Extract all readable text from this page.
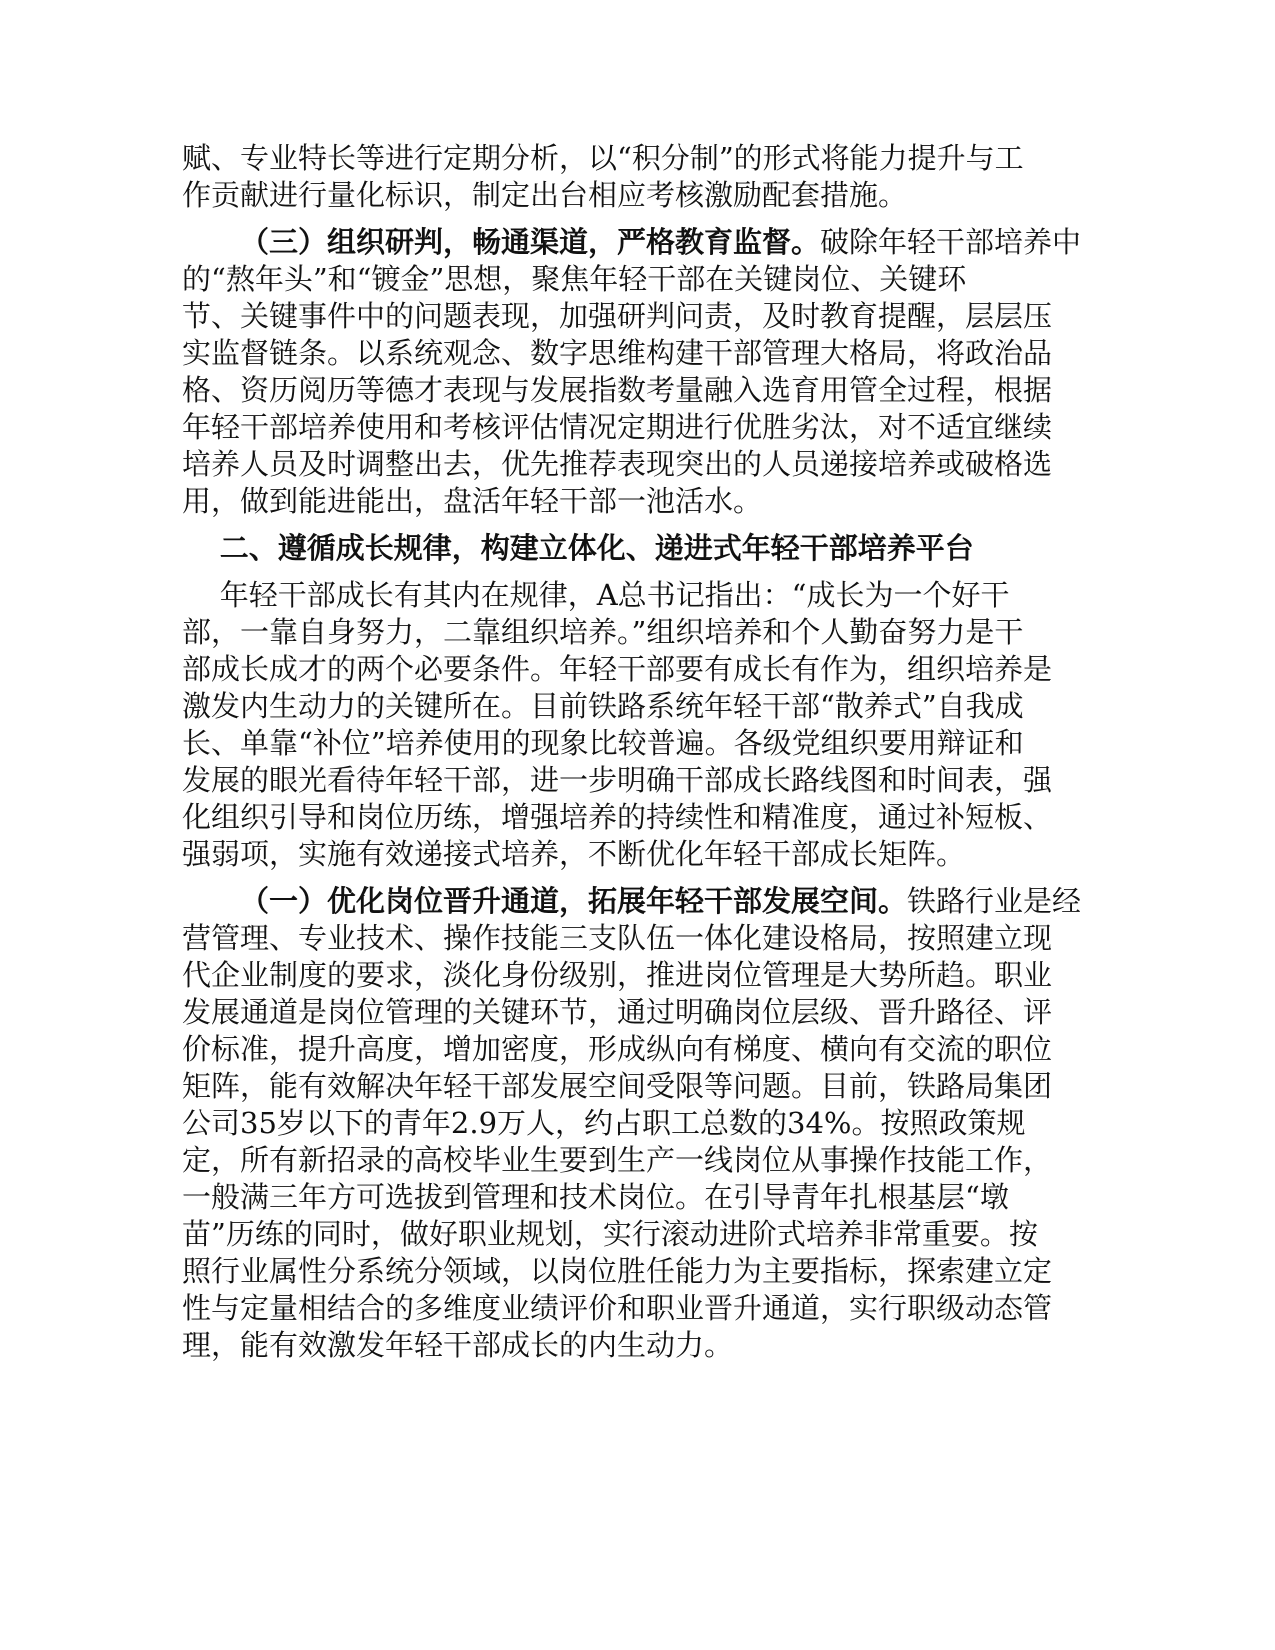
赋、专业特长等进行定期分析，以“积分制”的形式将能力提升与工
作贡献进行量化标识，制定出台相应考核激励配套措施。
（三）组织研判，畅通渠道，严格教育监督。破除年轻干部培养中
的“熬年头”和“镀金”思想，聚焦年轻干部在关键岗位、关键环
节、关键事件中的问题表现，加强研判问责，及时教育提醒，层层压
实监督链条。以系统观念、数字思维构建干部管理大格局，将政治品
格、资历阅历等德才表现与发展指数考量融入选育用管全过程，根据
年轻干部培养使用和考核评估情况定期进行优胜劣汰，对不适宜继续
培养人员及时调整出去，优先推荐表现突出的人员递接培养或破格选
用，做到能进能出，盘活年轻干部一池活水。
二、遵循成长规律，构建立体化、递进式年轻干部培养平台
年轻干部成长有其内在规律，A总书记指出：“成长为一个好干
部，一靠自身努力，二靠组织培养。”组织培养和个人勤奋努力是干
部成长成才的两个必要条件。年轻干部要有成长有作为，组织培养是
激发内生动力的关键所在。目前铁路系统年轻干部“散养式”自我成
长、单靠“补位”培养使用的现象比较普遍。各级党组织要用辩证和
发展的眼光看待年轻干部，进一步明确干部成长路线图和时间表，强
化组织引导和岗位历练，增强培养的持续性和精准度，通过补短板、
强弱项，实施有效递接式培养，不断优化年轻干部成长矩阵。
（一）优化岗位晋升通道，拓展年轻干部发展空间。铁路行业是经
营管理、专业技术、操作技能三支队伍一体化建设格局，按照建立现
代企业制度的要求，淡化身份级别，推进岗位管理是大势所趋。职业
发展通道是岗位管理的关键环节，通过明确岗位层级、晋升路径、评
价标准，提升高度，增加密度，形成纵向有梯度、横向有交流的职位
矩阵，能有效解决年轻干部发展空间受限等问题。目前，铁路局集团
公司35岁以下的青年2.9万人，约占职工总数的34%。按照政策规
定，所有新招录的高校毕业生要到生产一线岗位从事操作技能工作，
一般满三年方可选拔到管理和技术岗位。在引导青年扎根基层“墩
苗”历练的同时，做好职业规划，实行滚动进阶式培养非常重要。按
照行业属性分系统分领域，以岗位胜任能力为主要指标，探索建立定
性与定量相结合的多维度业绩评价和职业晋升通道，实行职级动态管
理，能有效激发年轻干部成长的内生动力。
